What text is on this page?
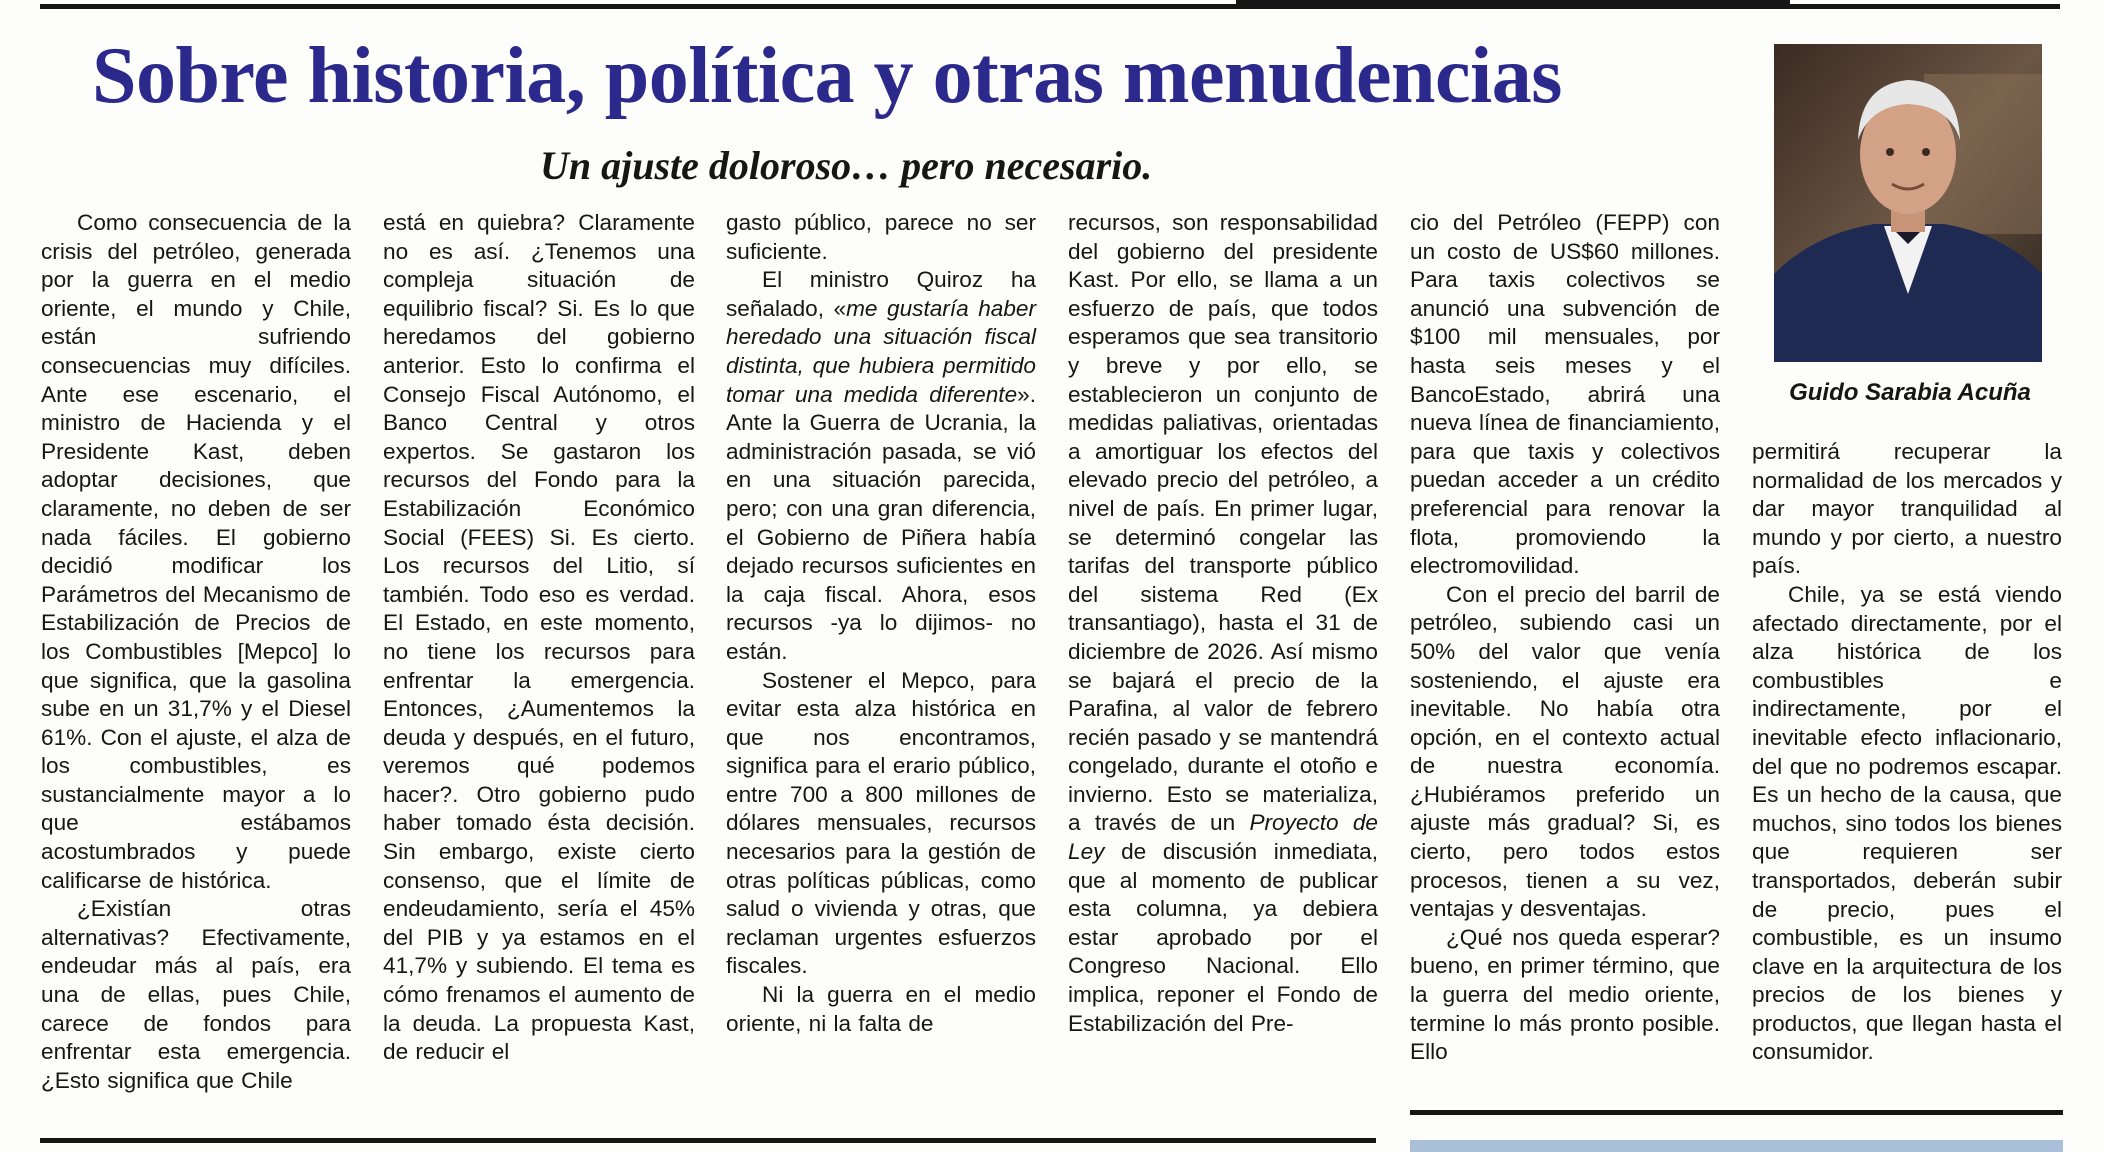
Sobre historia, política y otras menudencias
Un ajuste doloroso… pero necesario.
Guido Sarabia Acuña

Como consecuencia de la crisis del petróleo, generada por la guerra en el medio oriente, el mundo y Chile, están sufriendo consecuencias muy difíciles. Ante ese escenario, el ministro de Hacienda y el Presidente Kast, deben adoptar decisiones, que claramente, no deben de ser nada fáciles. El gobierno decidió modificar los Parámetros del Mecanismo de Estabilización de Precios de los Combustibles [Mepco] lo que significa, que la gasolina sube en un 31,7% y el Diesel 61%. Con el ajuste, el alza de los combustibles, es sustancialmente mayor a lo que estábamos acostumbrados y puede calificarse de histórica.

¿Existían otras alternativas? Efectivamente, endeudar más al país, era una de ellas, pues Chile, carece de fondos para enfrentar esta emergencia. ¿Esto significa que Chile

está en quiebra? Claramente no es así. ¿Tenemos una compleja situación de equilibrio fiscal? Si. Es lo que heredamos del gobierno anterior. Esto lo confirma el Consejo Fiscal Autónomo, el Banco Central y otros expertos. Se gastaron los recursos del Fondo para la Estabilización Económico Social (FEES) Si. Es cierto. Los recursos del Litio, sí también. Todo eso es verdad. El Estado, en este momento, no tiene los recursos para enfrentar la emergencia. Entonces, ¿Aumentemos la deuda y después, en el futuro, veremos qué podemos hacer?. Otro gobierno pudo haber tomado ésta decisión. Sin embargo, existe cierto consenso, que el límite de endeudamiento, sería el 45% del PIB y ya estamos en el 41,7% y subiendo. El tema es cómo frenamos el aumento de la deuda. La propuesta Kast, de reducir el

gasto público, parece no ser suficiente.

El ministro Quiroz ha señalado, «me gustaría haber heredado una situación fiscal distinta, que hubiera permitido tomar una medida diferente». Ante la Guerra de Ucrania, la administración pasada, se vió en una situación parecida, pero; con una gran diferencia, el Gobierno de Piñera había dejado recursos suficientes en la caja fiscal. Ahora, esos recursos -ya lo dijimos- no están.

Sostener el Mepco, para evitar esta alza histórica en que nos encontramos, significa para el erario público, entre 700 a 800 millones de dólares mensuales, recursos necesarios para la gestión de otras políticas públicas, como salud o vivienda y otras, que reclaman urgentes esfuerzos fiscales.

Ni la guerra en el medio oriente, ni la falta de

recursos, son responsabilidad del gobierno del presidente Kast. Por ello, se llama a un esfuerzo de país, que todos esperamos que sea transitorio y breve y por ello, se establecieron un conjunto de medidas paliativas, orientadas a amortiguar los efectos del elevado precio del petróleo, a nivel de país. En primer lugar, se determinó congelar las tarifas del transporte público del sistema Red (Ex transantiago), hasta el 31 de diciembre de 2026. Así mismo se bajará el precio de la Parafina, al valor de febrero recién pasado y se mantendrá congelado, durante el otoño e invierno. Esto se materializa, a través de un Proyecto de Ley de discusión inmediata, que al momento de publicar esta columna, ya debiera estar aprobado por el Congreso Nacional. Ello implica, reponer el Fondo de Estabilización del Pre-

cio del Petróleo (FEPP) con un costo de US$60 millones. Para taxis colectivos se anunció una subvención de $100 mil mensuales, por hasta seis meses y el BancoEstado, abrirá una nueva línea de financiamiento, para que taxis y colectivos puedan acceder a un crédito preferencial para renovar la flota, promoviendo la electromovilidad.

Con el precio del barril de petróleo, subiendo casi un 50% del valor que venía sosteniendo, el ajuste era inevitable. No había otra opción, en el contexto actual de nuestra economía. ¿Hubiéramos preferido un ajuste más gradual? Si, es cierto, pero todos estos procesos, tienen a su vez, ventajas y desventajas.

¿Qué nos queda esperar? bueno, en primer término, que la guerra del medio oriente, termine lo más pronto posible. Ello

permitirá recuperar la normalidad de los mercados y dar mayor tranquilidad al mundo y por cierto, a nuestro país.

Chile, ya se está viendo afectado directamente, por el alza histórica de los combustibles e indirectamente, por el inevitable efecto inflacionario, del que no podremos escapar. Es un hecho de la causa, que muchos, sino todos los bienes que requieren ser transportados, deberán subir de precio, pues el combustible, es un insumo clave en la arquitectura de los precios de los bienes y productos, que llegan hasta el consumidor.
